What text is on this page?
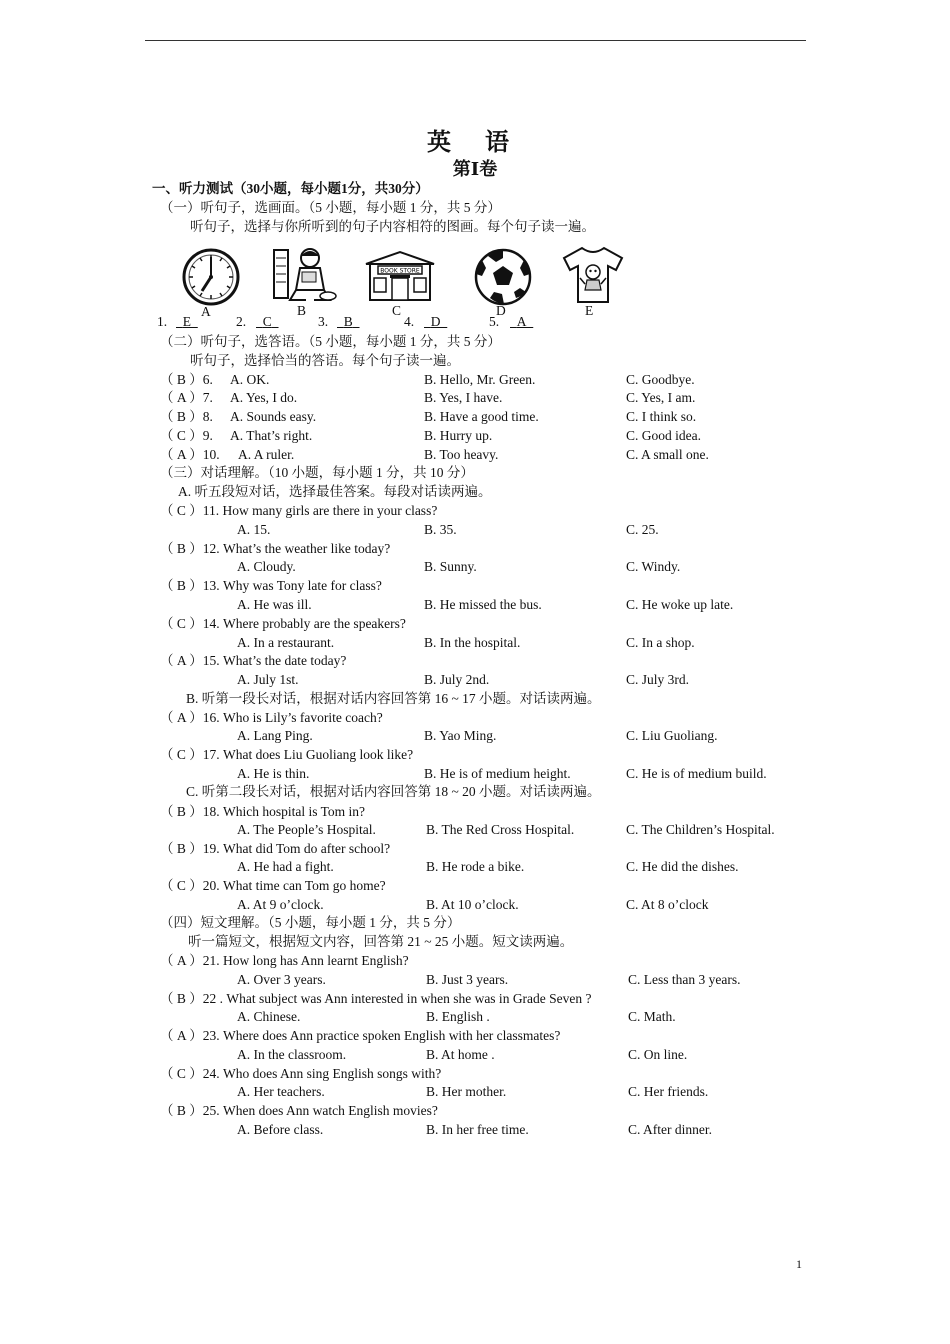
英 语
第Ⅰ卷
一、听力测试（30小题，每小题1分，共30分）
（一）听句子，选画面。（5 小题，每小题 1 分，共 5 分）
听句子，选择与你所听到的句子内容相符的图画。每个句子读一遍。
BOOK STORE
A	B	C	D	E
1.	E	2.	C	3.	B	4.	D	5.	A
（二）听句子，选答语。（5 小题，每小题 1 分，共 5 分）
听句子，选择恰当的答语。每个句子读一遍。
（ B ）6. A. OK.	B. Hello, Mr. Green.	C. Goodbye.
（ A ）7. A. Yes, I do.	B. Yes, I have.	C. Yes, I am.
（ B ）8. A. Sounds easy.	B. Have a good time.	C. I think so.
（ C ）9. A. That’s right.	B. Hurry up.	C. Good idea.
（ A ）10. A. A ruler.	B. Too heavy.	C. A small one.
（三）对话理解。（10 小题，每小题 1 分，共 10 分）
A. 听五段短对话，选择最佳答案。每段对话读两遍。
（ C ）11. How many girls are there in your class?
A. 15.	B. 35.	C. 25.
（ B ）12. What’s the weather like today?
A. Cloudy.	B. Sunny.	C. Windy.
（ B ）13. Why was Tony late for class?
A. He was ill.	B. He missed the bus.	C. He woke up late.
（ C ）14. Where probably are the speakers?
A. In a restaurant.	B. In the hospital.	C. In a shop.
（ A ）15. What’s the date today?
A. July 1st.	B. July 2nd.	C. July 3rd.
B. 听第一段长对话，根据对话内容回答第 16 ~ 17 小题。对话读两遍。
（ A ）16. Who is Lily’s favorite coach?
A. Lang Ping.	B. Yao Ming.	C. Liu Guoliang.
（ C ）17. What does Liu Guoliang look like?
A. He is thin.	B. He is of medium height.	C. He is of medium build.
C. 听第二段长对话，根据对话内容回答第 18 ~ 20 小题。对话读两遍。
（ B ）18. Which hospital is Tom in?
A. The People’s Hospital.	B. The Red Cross Hospital.	C. The Children’s Hospital.
（ B ）19. What did Tom do after school?
A. He had a fight.	B. He rode a bike.	C. He did the dishes.
（ C ）20. What time can Tom go home?
A. At 9 o’clock.	B. At 10 o’clock.	C. At 8 o’clock
（四）短文理解。（5 小题，每小题 1 分，共 5 分）
听一篇短文，根据短文内容，回答第 21 ~ 25 小题。短文读两遍。
（ A ）21. How long has Ann learnt English?
A. Over 3 years.	B. Just 3 years.	C. Less than 3 years.
（ B ）22 . What subject was Ann interested in when she was in Grade Seven ?
A. Chinese.	B. English .	C. Math.
（ A ）23. Where does Ann practice spoken English with her classmates?
A. In the classroom.	B. At home .	C. On line.
（ C ）24. Who does Ann sing English songs with?
A. Her teachers.	B. Her mother.	C. Her friends.
（ B ）25. When does Ann watch English movies?
A. Before class.	B. In her free time.	C. After dinner.
1
